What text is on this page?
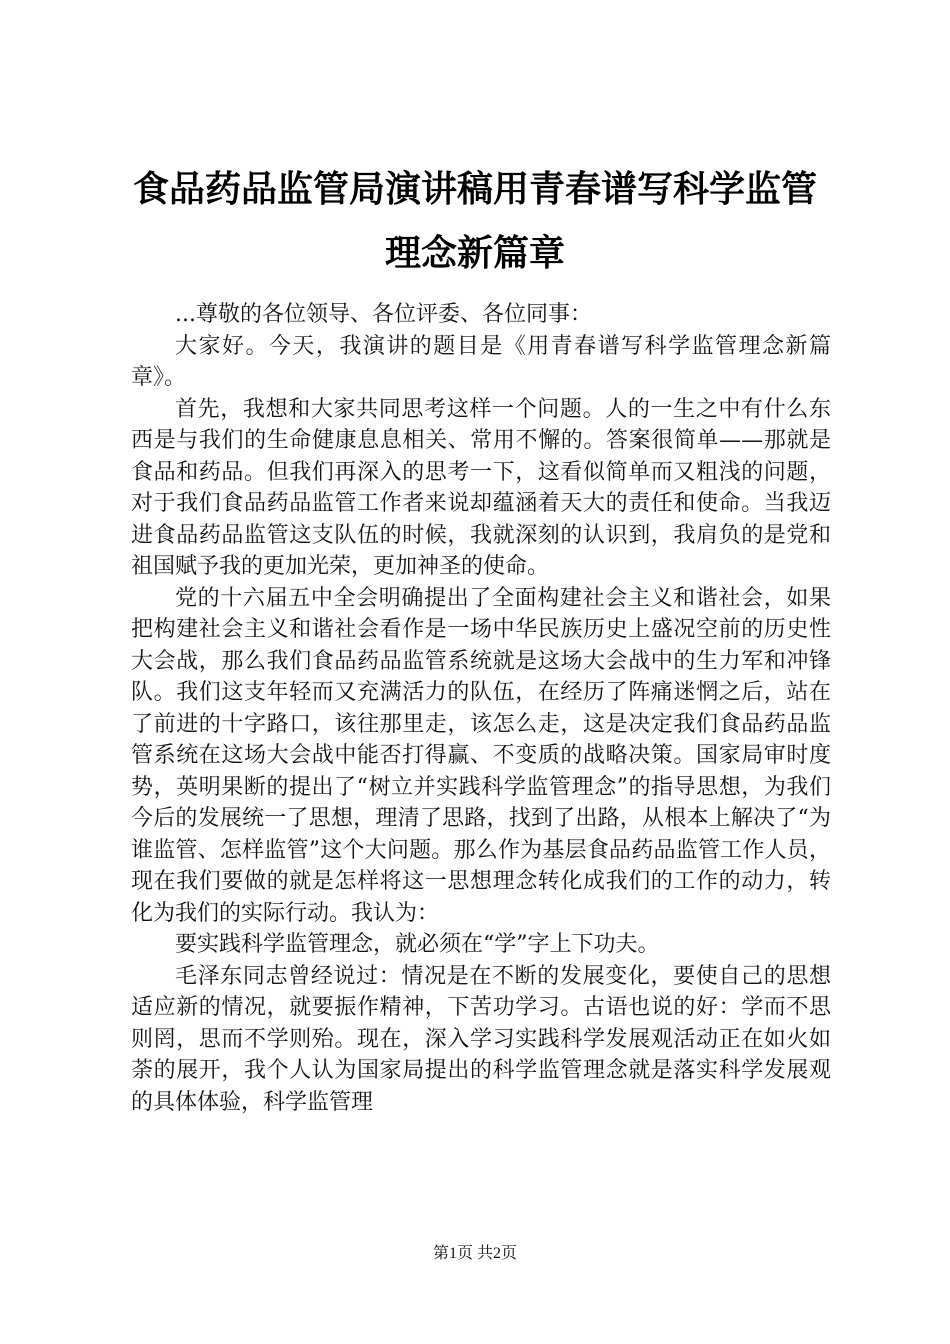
食品药品监管局演讲稿用青春谱写科学监管理念新篇章

...尊敬的各位领导、各位评委、各位同事：

大家好。今天，我演讲的题目是《用青春谱写科学监管理念新篇章》。

首先，我想和大家共同思考这样一个问题。人的一生之中有什么东西是与我们的生命健康息息相关、常用不懈的。答案很简单——那就是食品和药品。但我们再深入的思考一下，这看似简单而又粗浅的问题，对于我们食品药品监管工作者来说却蕴涵着天大的责任和使命。当我迈进食品药品监管这支队伍的时候，我就深刻的认识到，我肩负的是党和祖国赋予我的更加光荣，更加神圣的使命。

党的十六届五中全会明确提出了全面构建社会主义和谐社会，如果把构建社会主义和谐社会看作是一场中华民族历史上盛况空前的历史性大会战，那么我们食品药品监管系统就是这场大会战中的生力军和冲锋队。我们这支年轻而又充满活力的队伍，在经历了阵痛迷惘之后，站在了前进的十字路口，该往那里走，该怎么走，这是决定我们食品药品监管系统在这场大会战中能否打得赢、不变质的战略决策。国家局审时度势，英明果断的提出了“树立并实践科学监管理念”的指导思想，为我们今后的发展统一了思想，理清了思路，找到了出路，从根本上解决了“为谁监管、怎样监管”这个大问题。那么作为基层食品药品监管工作人员，现在我们要做的就是怎样将这一思想理念转化成我们的工作的动力，转化为我们的实际行动。我认为：

要实践科学监管理念，就必须在“学”字上下功夫。

毛泽东同志曾经说过：情况是在不断的发展变化，要使自己的思想适应新的情况，就要振作精神，下苦功学习。古语也说的好：学而不思则罔，思而不学则殆。现在，深入学习实践科学发展观活动正在如火如荼的展开，我个人认为国家局提出的科学监管理念就是落实科学发展观的具体体验，科学监管理

第1页 共2页
